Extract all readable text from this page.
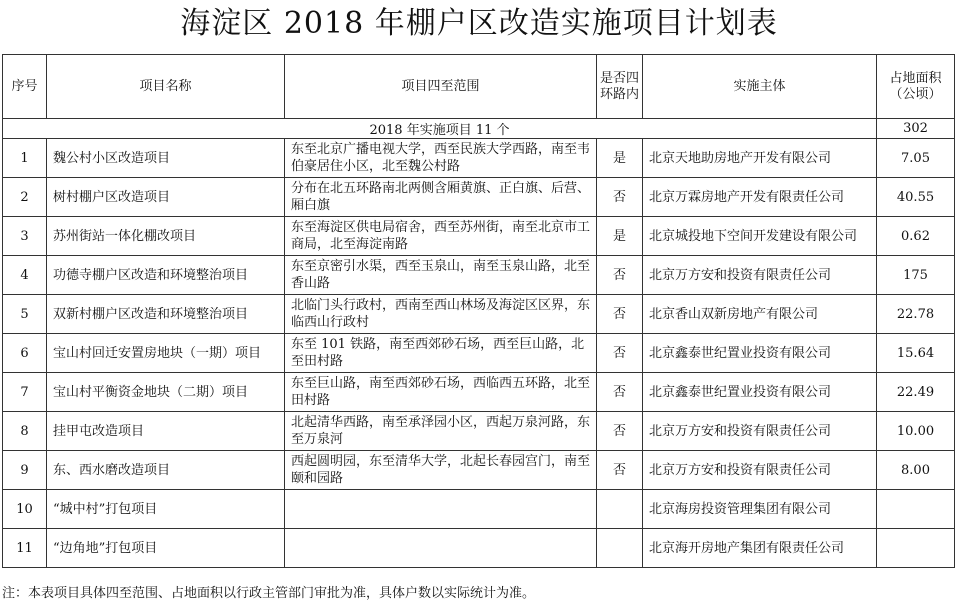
海淀区 2018 年棚户区改造实施项目计划表
序号	项目名称	项目四至范围	是否四环路内	实施主体	占地面积（公顷）
2018 年实施项目 11 个					302
1	魏公村小区改造项目	东至北京广播电视大学，西至民族大学西路，南至韦伯豪居住小区，北至魏公村路	是	北京天地助房地产开发有限公司	7.05
2	树村棚户区改造项目	分布在北五环路南北两侧含厢黄旗、正白旗、后营、厢白旗	否	北京万霖房地产开发有限责任公司	40.55
3	苏州街站一体化棚改项目	东至海淀区供电局宿舍，西至苏州街，南至北京市工商局，北至海淀南路	是	北京城投地下空间开发建设有限公司	0.62
4	功德寺棚户区改造和环境整治项目	东至京密引水渠，西至玉泉山，南至玉泉山路，北至香山路	否	北京万方安和投资有限责任公司	175
5	双新村棚户区改造和环境整治项目	北临门头行政村，西南至西山林场及海淀区区界，东临西山行政村	否	北京香山双新房地产有限公司	22.78
6	宝山村回迁安置房地块（一期）项目	东至 101 铁路，南至西郊砂石场，西至巨山路，北至田村路	否	北京鑫泰世纪置业投资有限公司	15.64
7	宝山村平衡资金地块（二期）项目	东至巨山路，南至西郊砂石场，西临西五环路，北至田村路	否	北京鑫泰世纪置业投资有限公司	22.49
8	挂甲屯改造项目	北起清华西路，南至承泽园小区，西起万泉河路，东至万泉河	否	北京万方安和投资有限责任公司	10.00
9	东、西水磨改造项目	西起圆明园，东至清华大学，北起长春园宫门，南至颐和园路	否	北京万方安和投资有限责任公司	8.00
10	“城中村”打包项目			北京海房投资管理集团有限公司	
11	“边角地”打包项目			北京海开房地产集团有限责任公司	
注：本表项目具体四至范围、占地面积以行政主管部门审批为准，具体户数以实际统计为准。
